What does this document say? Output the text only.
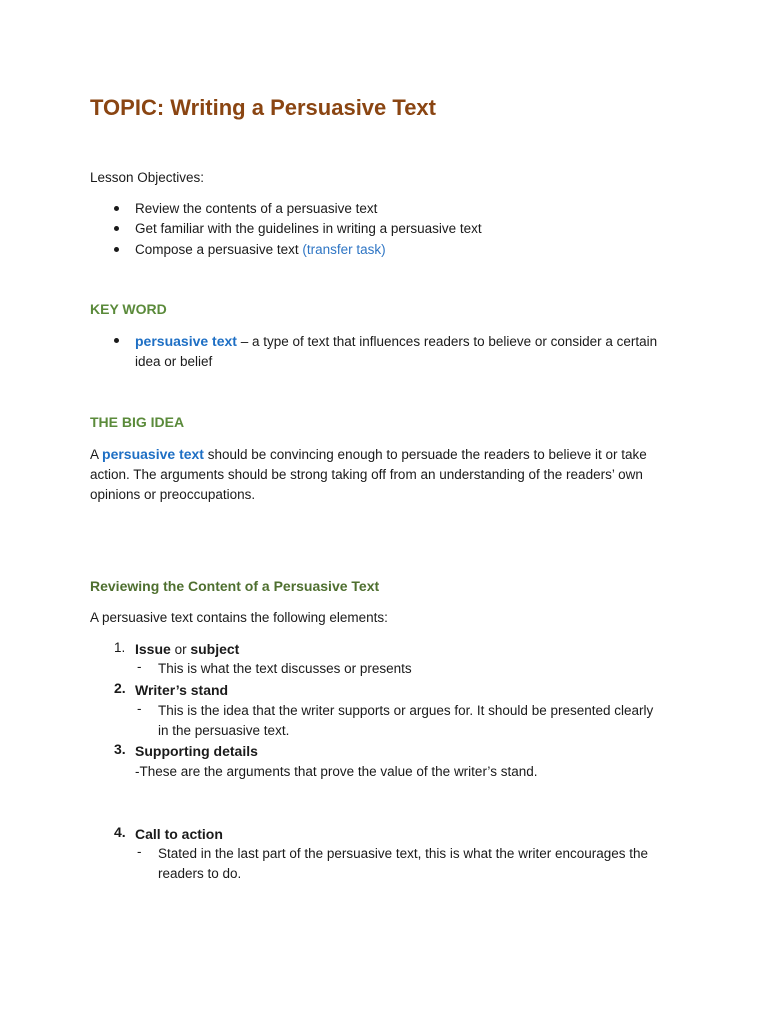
TOPIC: Writing a Persuasive Text
Lesson Objectives:
Review the contents of a persuasive text
Get familiar with the guidelines in writing a persuasive text
Compose a persuasive text (transfer task)
KEY WORD
persuasive text – a type of text that influences readers to believe or consider a certain
idea or belief
THE BIG IDEA
A persuasive text should be convincing enough to persuade the readers to believe it or take
action. The arguments should be strong taking off from an understanding of the readers’ own
opinions or preoccupations.
Reviewing the Content of a Persuasive Text
A persuasive text contains the following elements:
1. Issue or subject
- This is what the text discusses or presents
2. Writer’s stand
- This is the idea that the writer supports or argues for. It should be presented clearly
in the persuasive text.
3. Supporting details
-These are the arguments that prove the value of the writer’s stand.
4. Call to action
- Stated in the last part of the persuasive text, this is what the writer encourages the
readers to do.
